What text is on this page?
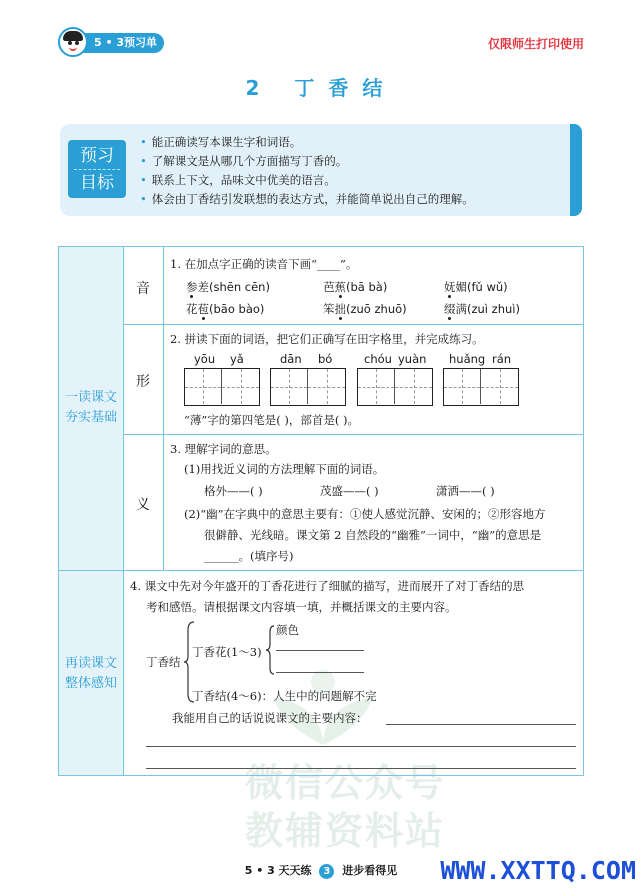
5 • 3预习单	仅限师生打印使用
2 丁香结
预习
目标
• 能正确读写本课生字和词语。
• 了解课文是从哪几个方面描写丁香的。
• 联系上下文，品味文中优美的语言。
• 体会由丁香结引发联想的表达方式，并能简单说出自己的理解。
微信公众号
教辅资料站
一读课文
夯实基础
音
1. 在加点字正确的读音下画“____”。
参差(shēn cēn)	芭蕉(bā bà)	妩媚(fǔ wǔ)
花苞(bāo bào)	笨拙(zuō zhuō)	缀满(zuì zhuì)
形
2. 拼读下面的词语，把它们正确写在田字格里，并完成练习。
yōu yǎ	dān bó	chóu yuàn huǎng rán
“薄”字的第四笔是( )，部首是( )。
义
3. 理解字词的意思。
(1)用找近义词的方法理解下面的词语。
格外——( )	茂盛——( )	潇洒——( )
(2)“幽”在字典中的意思主要有：①使人感觉沉静、安闲的；②形容地方
很僻静、光线暗。课文第 2 自然段的“幽雅”一词中，“幽”的意思是
______。(填序号)
再读课文
整体感知
4. 课文中先对今年盛开的丁香花进行了细腻的描写，进而展开了对丁香结的思
考和感悟。请根据课文内容填一填，并概括课文的主要内容。
丁香结
丁香花(1～3)
颜色
丁香结(4～6)：人生中的问题解不完
我能用自己的话说说课文的主要内容：
5 • 3 天天练 3 进步看得见	WWW.XXTTQ.COM
